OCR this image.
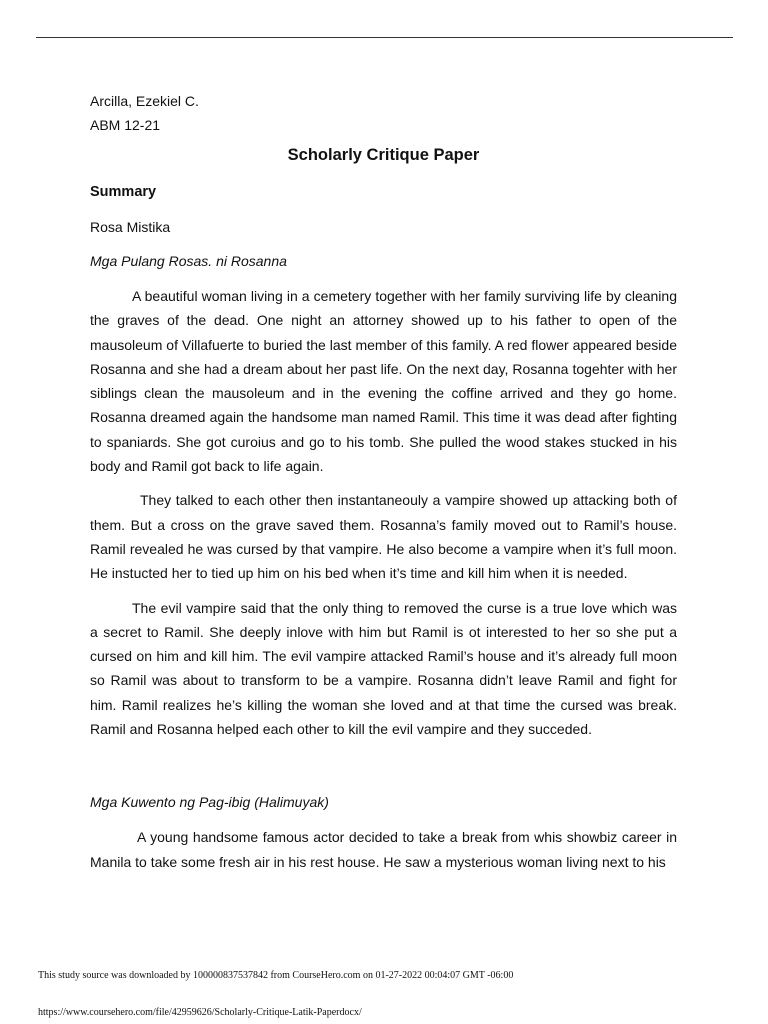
Arcilla, Ezekiel C.

ABM 12-21

Scholarly Critique Paper
Summary

Rosa Mistika

Mga Pulang Rosas. ni Rosanna

A beautiful woman living in a cemetery together with her family surviving life by cleaning the graves of the dead. One night an attorney showed up to his father to open of the mausoleum of Villafuerte to buried the last member of this family. A red flower appeared beside Rosanna and she had a dream about her past life. On the next day, Rosanna togehter with her siblings clean the mausoleum and in the evening the coffine arrived and they go home. Rosanna dreamed again the handsome man named Ramil. This time it was dead after fighting to spaniards. She got curoius and go to his tomb. She pulled the wood stakes stucked in his body and Ramil got back to life again.

They talked to each other then instantaneouly a vampire showed up attacking both of them. But a cross on the grave saved them. Rosanna’s family moved out to Ramil’s house. Ramil revealed he was cursed by that vampire. He also become a vampire when it’s full moon. He instucted her to tied up him on his bed when it’s time and kill him when it is needed.

The evil vampire said that the only thing to removed the curse is a true love which was a secret to Ramil. She deeply inlove with him but Ramil is ot interested to her so she put a cursed on him and kill him. The evil vampire attacked Ramil’s house and it’s already full moon so Ramil was about to transform to be a vampire. Rosanna didn’t leave Ramil and fight for him. Ramil realizes he’s killing the woman she loved and at that time the cursed was break. Ramil and Rosanna helped each other to kill the evil vampire and they succeded.

Mga Kuwento ng Pag-ibig (Halimuyak)

A young handsome famous actor decided to take a break from whis showbiz career in Manila to take some fresh air in his rest house. He saw a mysterious woman living next to his

This study source was downloaded by 100000837537842 from CourseHero.com on 01-27-2022 00:04:07 GMT -06:00
https://www.coursehero.com/file/42959626/Scholarly-Critique-Latik-Paperdocx/
